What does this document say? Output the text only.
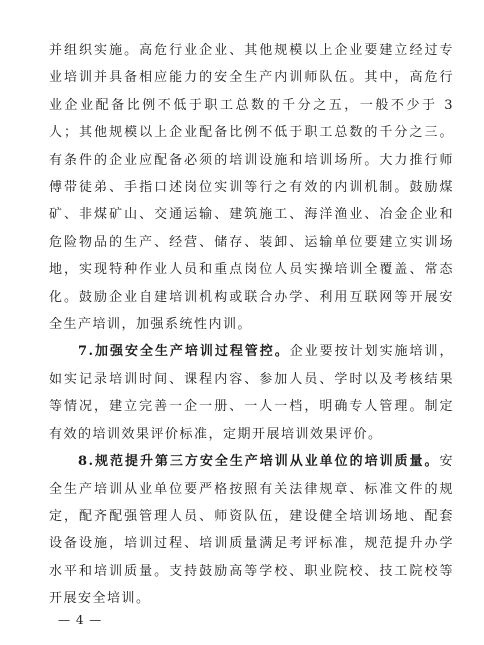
并组织实施。高危行业企业、其他规模以上企业要建立经过专业培训并具备相应能力的安全生产内训师队伍。其中，高危行业企业配备比例不低于职工总数的千分之五，一般不少于 3 人；其他规模以上企业配备比例不低于职工总数的千分之三。有条件的企业应配备必须的培训设施和培训场所。大力推行师傅带徒弟、手指口述岗位实训等行之有效的内训机制。鼓励煤矿、非煤矿山、交通运输、建筑施工、海洋渔业、冶金企业和危险物品的生产、经营、储存、装卸、运输单位要建立实训场地，实现特种作业人员和重点岗位人员实操培训全覆盖、常态化。鼓励企业自建培训机构或联合办学、利用互联网等开展安全生产培训，加强系统性内训。

7.加强安全生产培训过程管控。企业要按计划实施培训，如实记录培训时间、课程内容、参加人员、学时以及考核结果等情况，建立完善一企一册、一人一档，明确专人管理。制定有效的培训效果评价标准，定期开展培训效果评价。

8.规范提升第三方安全生产培训从业单位的培训质量。安全生产培训从业单位要严格按照有关法律规章、标准文件的规定，配齐配强管理人员、师资队伍，建设健全培训场地、配套设备设施，培训过程、培训质量满足考评标准，规范提升办学水平和培训质量。支持鼓励高等学校、职业院校、技工院校等开展安全培训。

— 4 —
